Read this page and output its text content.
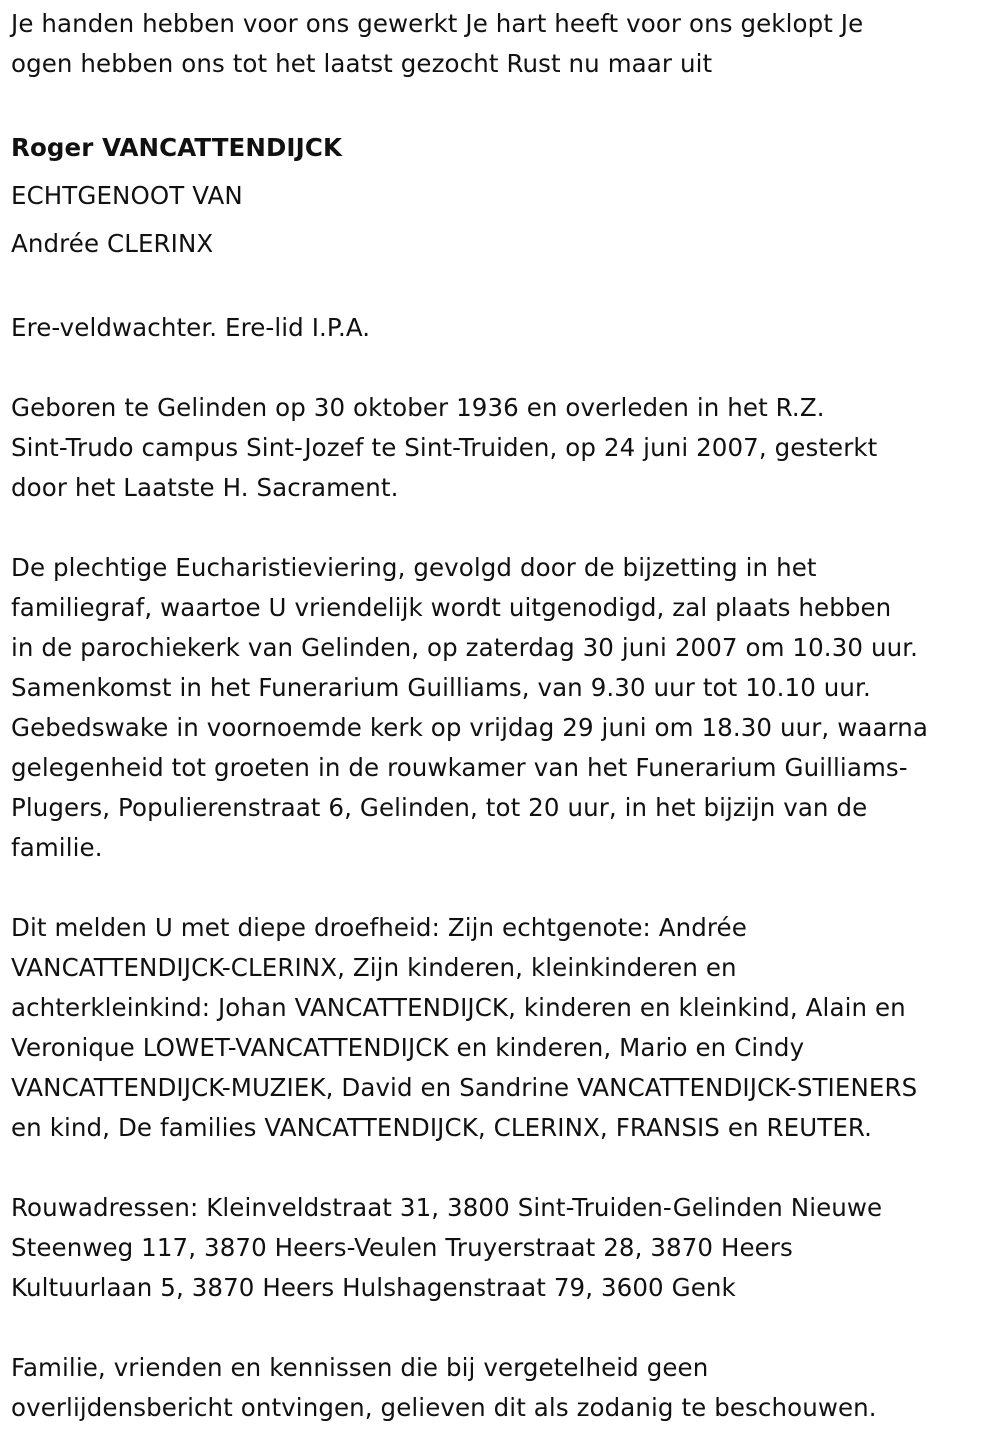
Je handen hebben voor ons gewerkt Je hart heeft voor ons geklopt Je
ogen hebben ons tot het laatst gezocht Rust nu maar uit
Roger VANCATTENDIJCK
ECHTGENOOT VAN
Andrée CLERINX
Ere-veldwachter. Ere-lid I.P.A.
Geboren te Gelinden op 30 oktober 1936 en overleden in het R.Z.
Sint-Trudo campus Sint-Jozef te Sint-Truiden, op 24 juni 2007, gesterkt
door het Laatste H. Sacrament.
De plechtige Eucharistieviering, gevolgd door de bijzetting in het
familiegraf, waartoe U vriendelijk wordt uitgenodigd, zal plaats hebben
in de parochiekerk van Gelinden, op zaterdag 30 juni 2007 om 10.30 uur.
Samenkomst in het Funerarium Guilliams, van 9.30 uur tot 10.10 uur.
Gebedswake in voornoemde kerk op vrijdag 29 juni om 18.30 uur, waarna
gelegenheid tot groeten in de rouwkamer van het Funerarium Guilliams-
Plugers, Populierenstraat 6, Gelinden, tot 20 uur, in het bijzijn van de
familie.
Dit melden U met diepe droefheid: Zijn echtgenote: Andrée
VANCATTENDIJCK-CLERINX, Zijn kinderen, kleinkinderen en
achterkleinkind: Johan VANCATTENDIJCK, kinderen en kleinkind, Alain en
Veronique LOWET-VANCATTENDIJCK en kinderen, Mario en Cindy
VANCATTENDIJCK-MUZIEK, David en Sandrine VANCATTENDIJCK-STIENERS
en kind, De families VANCATTENDIJCK, CLERINX, FRANSIS en REUTER.
Rouwadressen: Kleinveldstraat 31, 3800 Sint-Truiden-Gelinden Nieuwe
Steenweg 117, 3870 Heers-Veulen Truyerstraat 28, 3870 Heers
Kultuurlaan 5, 3870 Heers Hulshagenstraat 79, 3600 Genk
Familie, vrienden en kennissen die bij vergetelheid geen
overlijdensbericht ontvingen, gelieven dit als zodanig te beschouwen.
